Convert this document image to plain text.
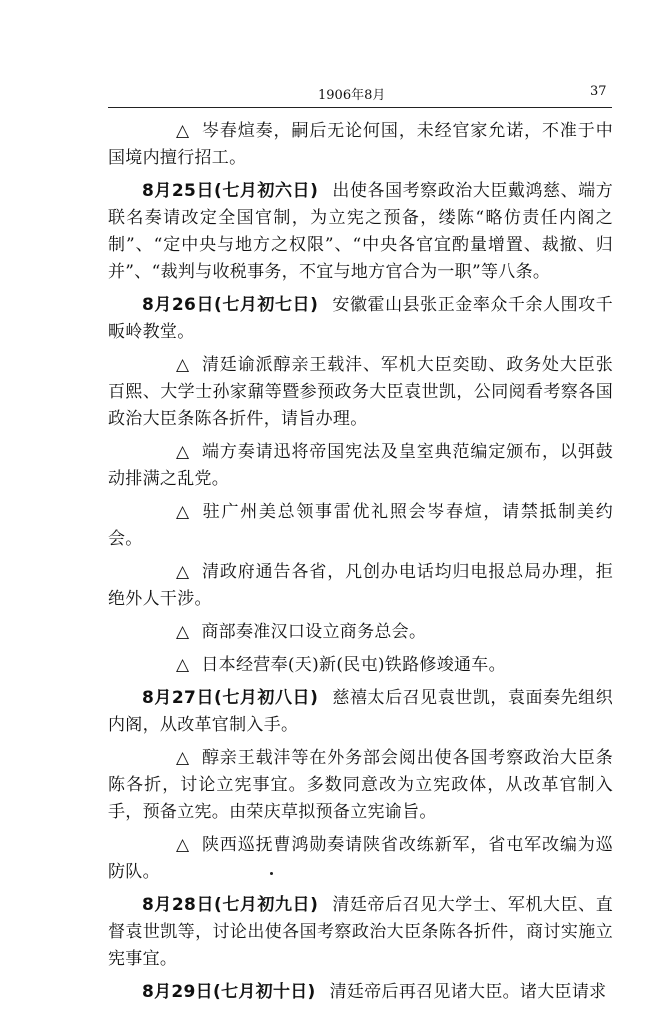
1906年8月	37

△ 岑春煊奏，嗣后无论何国，未经官家允诺，不准于中国境内擅行招工。

8月25日(七月初六日) 出使各国考察政治大臣戴鸿慈、端方联名奏请改定全国官制，为立宪之预备，缕陈“略仿责任内阁之制”、“定中央与地方之权限”、“中央各官宜酌量增置、裁撤、归并”、“裁判与收税事务，不宜与地方官合为一职”等八条。

8月26日(七月初七日) 安徽霍山县张正金率众千余人围攻千畈岭教堂。

△ 清廷谕派醇亲王载沣、军机大臣奕劻、政务处大臣张百熙、大学士孙家鼐等暨参预政务大臣袁世凯，公同阅看考察各国政治大臣条陈各折件，请旨办理。

△ 端方奏请迅将帝国宪法及皇室典范编定颁布，以弭鼓动排满之乱党。

△ 驻广州美总领事雷优礼照会岑春煊，请禁抵制美约会。

△ 清政府通告各省，凡创办电话均归电报总局办理，拒绝外人干涉。

△ 商部奏准汉口设立商务总会。

△ 日本经营奉(天)新(民屯)铁路修竣通车。

8月27日(七月初八日) 慈禧太后召见袁世凯，袁面奏先组织内阁，从改革官制入手。

△ 醇亲王载沣等在外务部会阅出使各国考察政治大臣条陈各折，讨论立宪事宜。多数同意改为立宪政体，从改革官制入手，预备立宪。由荣庆草拟预备立宪谕旨。

△ 陕西巡抚曹鸿勋奏请陕省改练新军，省屯军改编为巡防队。

8月28日(七月初九日) 清廷帝后召见大学士、军机大臣、直督袁世凯等，讨论出使各国考察政治大臣条陈各折件，商讨实施立宪事宜。

8月29日(七月初十日) 清廷帝后再召见诸大臣。诸大臣请求
